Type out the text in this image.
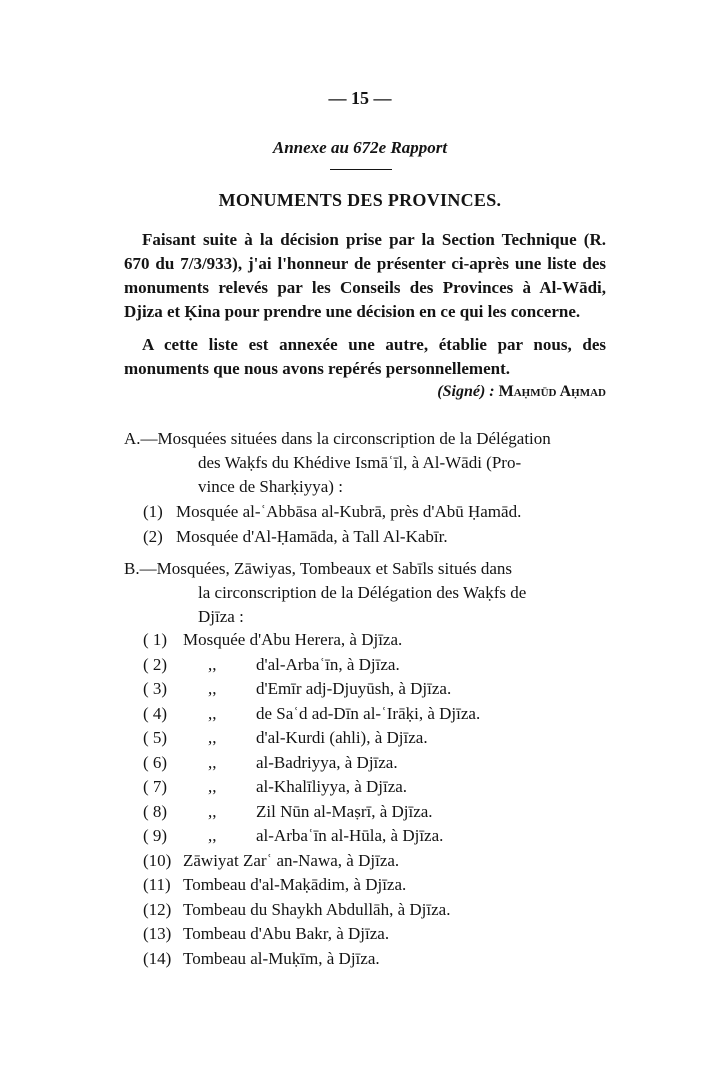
— 15 —
Annexe au 672e Rapport
MONUMENTS DES PROVINCES.
Faisant suite à la décision prise par la Section Technique (R. 670 du 7/3/933), j'ai l'honneur de présenter ci-après une liste des monuments relevés par les Conseils des Provinces à Al-Wādi, Djiza et Ḳina pour prendre une décision en ce qui les concerne.
A cette liste est annexée une autre, établie par nous, des monuments que nous avons repérés personnellement.
(Signé) : Maḥmūd Aḥmad
A.—Mosquées situées dans la circonscription de la Délégation
des Waḳfs du Khédive Ismāʿīl, à Al-Wādi (Pro-
vince de Sharḳiyya) :
(1) Mosquée al-ʿAbbāsa al-Kubrā, près d'Abū Ḥamād.
(2) Mosquée d'Al-Ḥamāda, à Tall Al-Kabīr.
B.—Mosquées, Zāwiyas, Tombeaux et Sabīls situés dans
la circonscription de la Délégation des Waḳfs de
Djīza :
( 1) Mosquée d'Abu Herera, à Djīza.
( 2) ,, d'al-Arbaʿīn, à Djīza.
( 3) ,, d'Emīr adj-Djuyūsh, à Djīza.
( 4) ,, de Saʿd ad-Dīn al-ʿIrāḳi, à Djīza.
( 5) ,, d'al-Kurdi (ahli), à Djīza.
( 6) ,, al-Badriyya, à Djīza.
( 7) ,, al-Khalīliyya, à Djīza.
( 8) ,, Zil Nūn al-Maṣrī, à Djīza.
( 9) ,, al-Arbaʿīn al-Hūla, à Djīza.
(10) Zāwiyat Zarʿ an-Nawa, à Djīza.
(11) Tombeau d'al-Maḳādim, à Djīza.
(12) Tombeau du Shaykh Abdullāh, à Djīza.
(13) Tombeau d'Abu Bakr, à Djīza.
(14) Tombeau al-Muḳīm, à Djīza.
